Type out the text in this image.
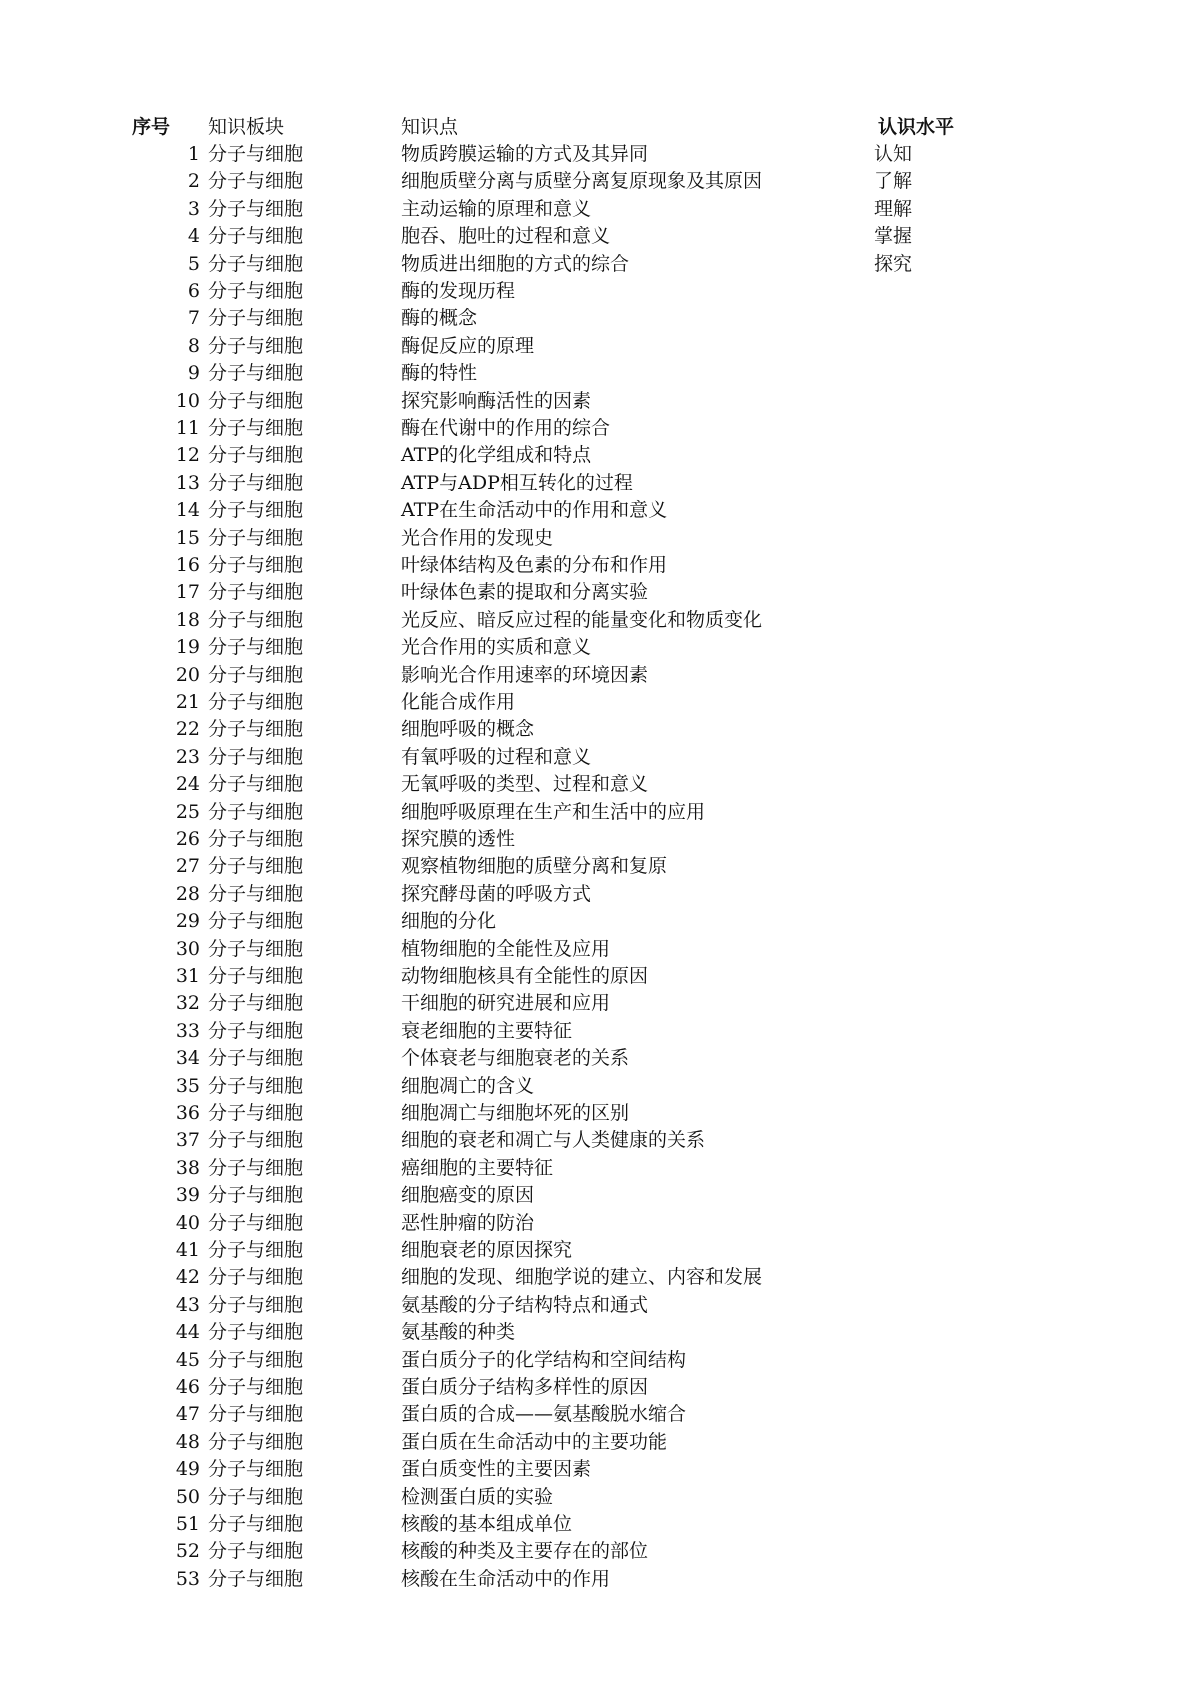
序号 知识板块	知识点	认识水平
1 分子与细胞	物质跨膜运输的方式及其异同	认知
2 分子与细胞	细胞质壁分离与质壁分离复原现象及其原因	了解
3 分子与细胞	主动运输的原理和意义	理解
4 分子与细胞	胞吞、胞吐的过程和意义	掌握
5 分子与细胞	物质进出细胞的方式的综合	探究
6 分子与细胞	酶的发现历程
7 分子与细胞	酶的概念
8 分子与细胞	酶促反应的原理
9 分子与细胞	酶的特性
10 分子与细胞	探究影响酶活性的因素
11 分子与细胞	酶在代谢中的作用的综合
12 分子与细胞	ATP的化学组成和特点
13 分子与细胞	ATP与ADP相互转化的过程
14 分子与细胞	ATP在生命活动中的作用和意义
15 分子与细胞	光合作用的发现史
16 分子与细胞	叶绿体结构及色素的分布和作用
17 分子与细胞	叶绿体色素的提取和分离实验
18 分子与细胞	光反应、暗反应过程的能量变化和物质变化
19 分子与细胞	光合作用的实质和意义
20 分子与细胞	影响光合作用速率的环境因素
21 分子与细胞	化能合成作用
22 分子与细胞	细胞呼吸的概念
23 分子与细胞	有氧呼吸的过程和意义
24 分子与细胞	无氧呼吸的类型、过程和意义
25 分子与细胞	细胞呼吸原理在生产和生活中的应用
26 分子与细胞	探究膜的透性
27 分子与细胞	观察植物细胞的质壁分离和复原
28 分子与细胞	探究酵母菌的呼吸方式
29 分子与细胞	细胞的分化
30 分子与细胞	植物细胞的全能性及应用
31 分子与细胞	动物细胞核具有全能性的原因
32 分子与细胞	干细胞的研究进展和应用
33 分子与细胞	衰老细胞的主要特征
34 分子与细胞	个体衰老与细胞衰老的关系
35 分子与细胞	细胞凋亡的含义
36 分子与细胞	细胞凋亡与细胞坏死的区别
37 分子与细胞	细胞的衰老和凋亡与人类健康的关系
38 分子与细胞	癌细胞的主要特征
39 分子与细胞	细胞癌变的原因
40 分子与细胞	恶性肿瘤的防治
41 分子与细胞	细胞衰老的原因探究
42 分子与细胞	细胞的发现、细胞学说的建立、内容和发展
43 分子与细胞	氨基酸的分子结构特点和通式
44 分子与细胞	氨基酸的种类
45 分子与细胞	蛋白质分子的化学结构和空间结构
46 分子与细胞	蛋白质分子结构多样性的原因
47 分子与细胞	蛋白质的合成——氨基酸脱水缩合
48 分子与细胞	蛋白质在生命活动中的主要功能
49 分子与细胞	蛋白质变性的主要因素
50 分子与细胞	检测蛋白质的实验
51 分子与细胞	核酸的基本组成单位
52 分子与细胞	核酸的种类及主要存在的部位
53 分子与细胞	核酸在生命活动中的作用
